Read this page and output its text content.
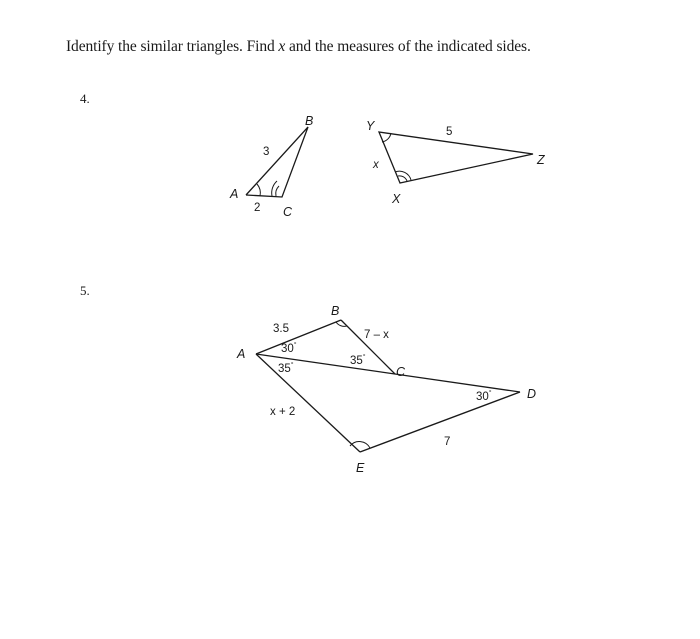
Identify the similar triangles. Find x and the measures of the indicated sides.
4.
5.
B
A
C
3
2
Y
X
Z
5
x
B
A
C
D
E
3.5	7 – x
x + 2
7
30°
35°	35°
30°
